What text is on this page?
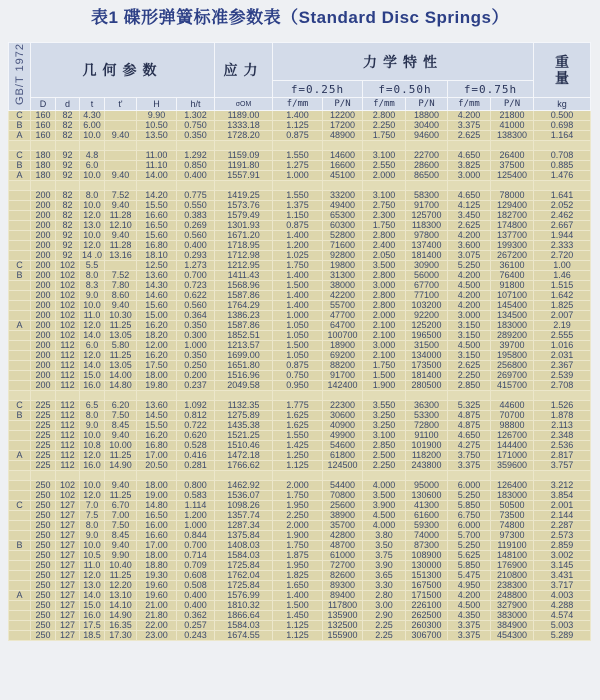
表1 碟形弹簧标准参数表（Standard Disc Springs）
GB/T 1972	几何参数						应力	力学特性						重量
								f=0.25h		f=0.50h		f=0.75h		
	D	d	t	t'	H	h/t	σOM	f/mm	P/N	f/mm	P/N	f/mm	P/N	kg
C	160	82	4.30		9.90	1.302	1189.00	1.400	12200	2.800	18800	4.200	21800	0.500
B	160	82	6.00		10.50	0.750	1333.18	1.125	17200	2.250	30400	3.375	41000	0.698
A	160	82	10.0	9.40	13.50	0.350	1728.20	0.875	48900	1.750	94600	2.625	138300	1.164

C	180	92	4.8		11.00	1.292	1159.09	1.550	14600	3.100	22700	4.650	26400	0.708
B	180	92	6.0		11.10	0.850	1191.80	1.275	16600	2.550	28600	3.825	37500	0.885
A	180	92	10.0	9.40	14.00	0.400	1557.91	1.000	45100	2.000	86500	3.000	125400	1.476

	200	82	8.0	7.52	14.20	0.775	1419.25	1.550	33200	3.100	58300	4.650	78000	1.641
	200	82	10.0	9.40	15.50	0.550	1573.76	1.375	49400	2.750	91700	4.125	129400	2.052
	200	82	12.0	11.28	16.60	0.383	1579.49	1.150	65300	2.300	125700	3.450	182700	2.462
	200	82	13.0	12.10	16.50	0.269	1301.93	0.875	60300	1.750	118300	2.625	174800	2.667
	200	92	10.0	9.40	15.60	0.560	1671.20	1.400	52800	2.800	97800	4.200	137700	1.944
	200	92	12.0	11.28	16.80	0.400	1718.95	1.200	71600	2.400	137400	3.600	199300	2.333
	200	92	14 .0	13.16	18.10	0.293	1712.98	1.025	92800	2.050	181400	3.075	267200	2.720
C	200	102	5.5		12.50	1.273	1212.95	1.750	19800	3.500	30900	5.250	36100	1.00
B	200	102	8.0	7.52	13.60	0.700	1411.43	1.400	31300	2.800	56000	4.200	76400	1.46
	200	102	8.3	7.80	14.30	0.723	1568.96	1.500	38000	3.000	67700	4.500	91800	1.515
	200	102	9.0	8.60	14.60	0.622	1587.86	1.400	42200	2.800	77100	4.200	107100	1.642
	200	102	10.0	9.40	15.60	0.560	1764.29	1.400	55700	2.800	103200	4.200	145400	1.825
	200	102	11.0	10.30	15.00	0.364	1386.23	1.000	47700	2.000	92200	3.000	134500	2.007
A	200	102	12.0	11.25	16.20	0.350	1587.86	1.050	64700	2.100	125200	3.150	183000	2.19
	200	102	14.0	13.05	18.20	0.300	1852.51	1.050	100700	2.100	196500	3.150	289200	2.555
	200	112	6.0	5.80	12.00	1.000	1213.57	1.500	18900	3.000	31500	4.500	39700	1.016
	200	112	12.0	11.25	16.20	0.350	1699.00	1.050	69200	2.100	134000	3.150	195800	2.031
	200	112	14.0	13.05	17.50	0.250	1651.80	0.875	88200	1.750	173500	2.625	256800	2.367
	200	112	15.0	14.00	18.00	0.200	1516.96	0.750	91700	1.500	181400	2.250	269700	2.539
	200	112	16.0	14.80	19.80	0.237	2049.58	0.950	142400	1.900	280500	2.850	415700	2.708

C	225	112	6.5	6.20	13.60	1.092	1132.35	1.775	22300	3.550	36300	5.325	44600	1.526
B	225	112	8.0	7.50	14.50	0.812	1275.89	1.625	30600	3.250	53300	4.875	70700	1.878
	225	112	9.0	8.45	15.50	0.722	1435.38	1.625	40900	3.250	72800	4.875	98800	2.113
	225	112	10.0	9.40	16.20	0.620	1521.25	1.550	49900	3.100	91100	4.650	126700	2.348
	225	112	10.8	10.00	16.80	0.528	1510.46	1.425	54600	2.850	101900	4.275	144400	2.536
A	225	112	12.0	11.25	17.00	0.416	1472.18	1.250	61800	2.500	118200	3.750	171000	2.817
	225	112	16.0	14.90	20.50	0.281	1766.62	1.125	124500	2.250	243800	3.375	359600	3.757

	250	102	10.0	9.40	18.00	0.800	1462.92	2.000	54400	4.000	95000	6.000	126400	3.212
	250	102	12.0	11.25	19.00	0.583	1536.07	1.750	70800	3.500	130600	5.250	183000	3.854
C	250	127	7.0	6.70	14.80	1.114	1098.26	1.950	25600	3.900	41300	5.850	50500	2.001
	250	127	7.5	7.00	16.50	1.200	1357.74	2.250	38900	4.500	61600	6.750	73500	2.144
	250	127	8.0	7.50	16.00	1.000	1287.34	2.000	35700	4.000	59300	6.000	74800	2.287
	250	127	9.0	8.45	16.60	0.844	1375.84	1.900	42800	3.80	74000	5.700	97300	2.573
B	250	127	10.0	9.40	17.00	0.700	1408.03	1.750	48700	3.50	87300	5.250	119100	2.859
	250	127	10.5	9.90	18.00	0.714	1584.03	1.875	61000	3.75	108900	5.625	148100	3.002
	250	127	11.0	10.40	18.80	0.709	1725.84	1.950	72700	3.90	130000	5.850	176900	3.145
	250	127	12.0	11.25	19.30	0.608	1762.04	1.825	82600	3.65	151300	5.475	210800	3.431
	250	127	13.0	12.20	19.60	0.508	1725.84	1.650	89300	3.30	167500	4.950	238300	3.717
A	250	127	14.0	13.10	19.60	0.400	1576.99	1.400	89400	2.80	171500	4.200	248800	4.003
	250	127	15.0	14.10	21.00	0.400	1810.32	1.500	117800	3.00	226100	4.500	327900	4.288
	250	127	16.0	14.90	21.80	0.362	1866.64	1.450	135900	2.90	262500	4.350	383000	4.574
	250	127	17.5	16.35	22.00	0.257	1584.03	1.125	132500	2.25	260300	3.375	384900	5.003
	250	127	18.5	17.30	23.00	0.243	1674.55	1.125	155900	2.25	306700	3.375	454300	5.289
